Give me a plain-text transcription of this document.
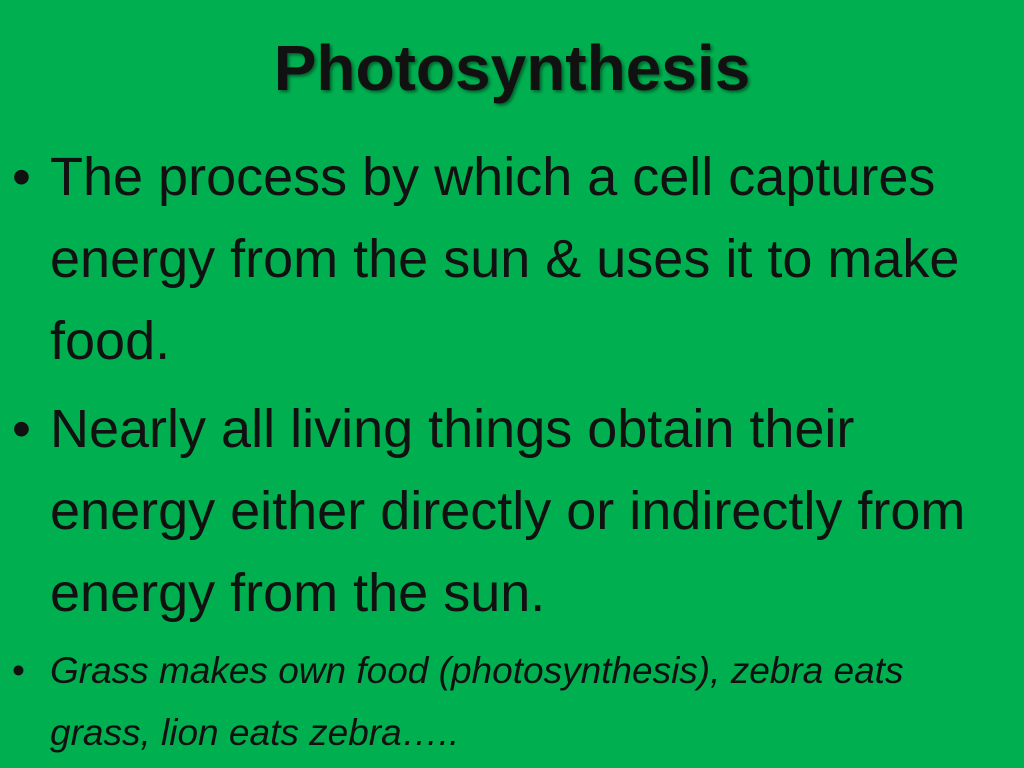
Photosynthesis
• The process by which a cell captures energy from the sun & uses it to make food.
• Nearly all living things obtain their energy either directly or indirectly from energy from the sun.
• Grass makes own food (photosynthesis), zebra eats grass, lion eats zebra…..
